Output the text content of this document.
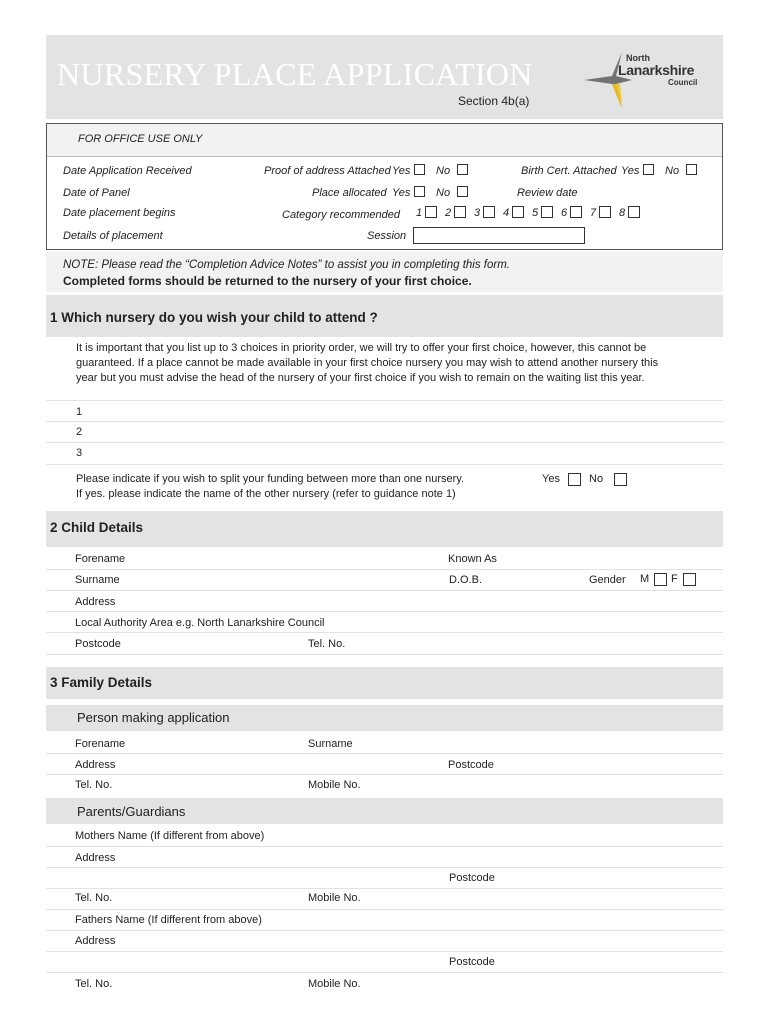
NURSERY PLACE APPLICATION
Section 4b(a)
North
Lanarkshire
Council
FOR OFFICE USE ONLY
Date Application Received	Proof of address Attached Yes No	Birth Cert. Attached Yes No
Date of Panel	Place allocated Yes No	Review date
Date placement begins	Category recommended 1 2 3 4 5 6 7 8
Details of placement	Session
NOTE: Please read the “Completion Advice Notes” to assist you in completing this form.
Completed forms should be returned to the nursery of your first choice.
1 Which nursery do you wish your child to attend ?
It is important that you list up to 3 choices in priority order, we will try to offer your first choice, however, this cannot be
guaranteed. If a place cannot be made available in your first choice nursery you may wish to attend another nursery this
year but you must advise the head of the nursery of your first choice if you wish to remain on the waiting list this year.
1
2
3
Please indicate if you wish to split your funding between more than one nursery.
If yes. please indicate the name of the other nursery (refer to guidance note 1)
Yes	No
2 Child Details
Forename	Known As
Surname	D.O.B.	Gender M F
Address
Local Authority Area e.g. North Lanarkshire Council
Postcode	Tel. No.
3 Family Details
Person making application
Forename	Surname
Address	Postcode
Tel. No.	Mobile No.
Parents/Guardians
Mothers Name (If different from above)
Address
Postcode
Tel. No.	Mobile No.
Fathers Name (If different from above)
Address
Postcode
Tel. No.	Mobile No.
